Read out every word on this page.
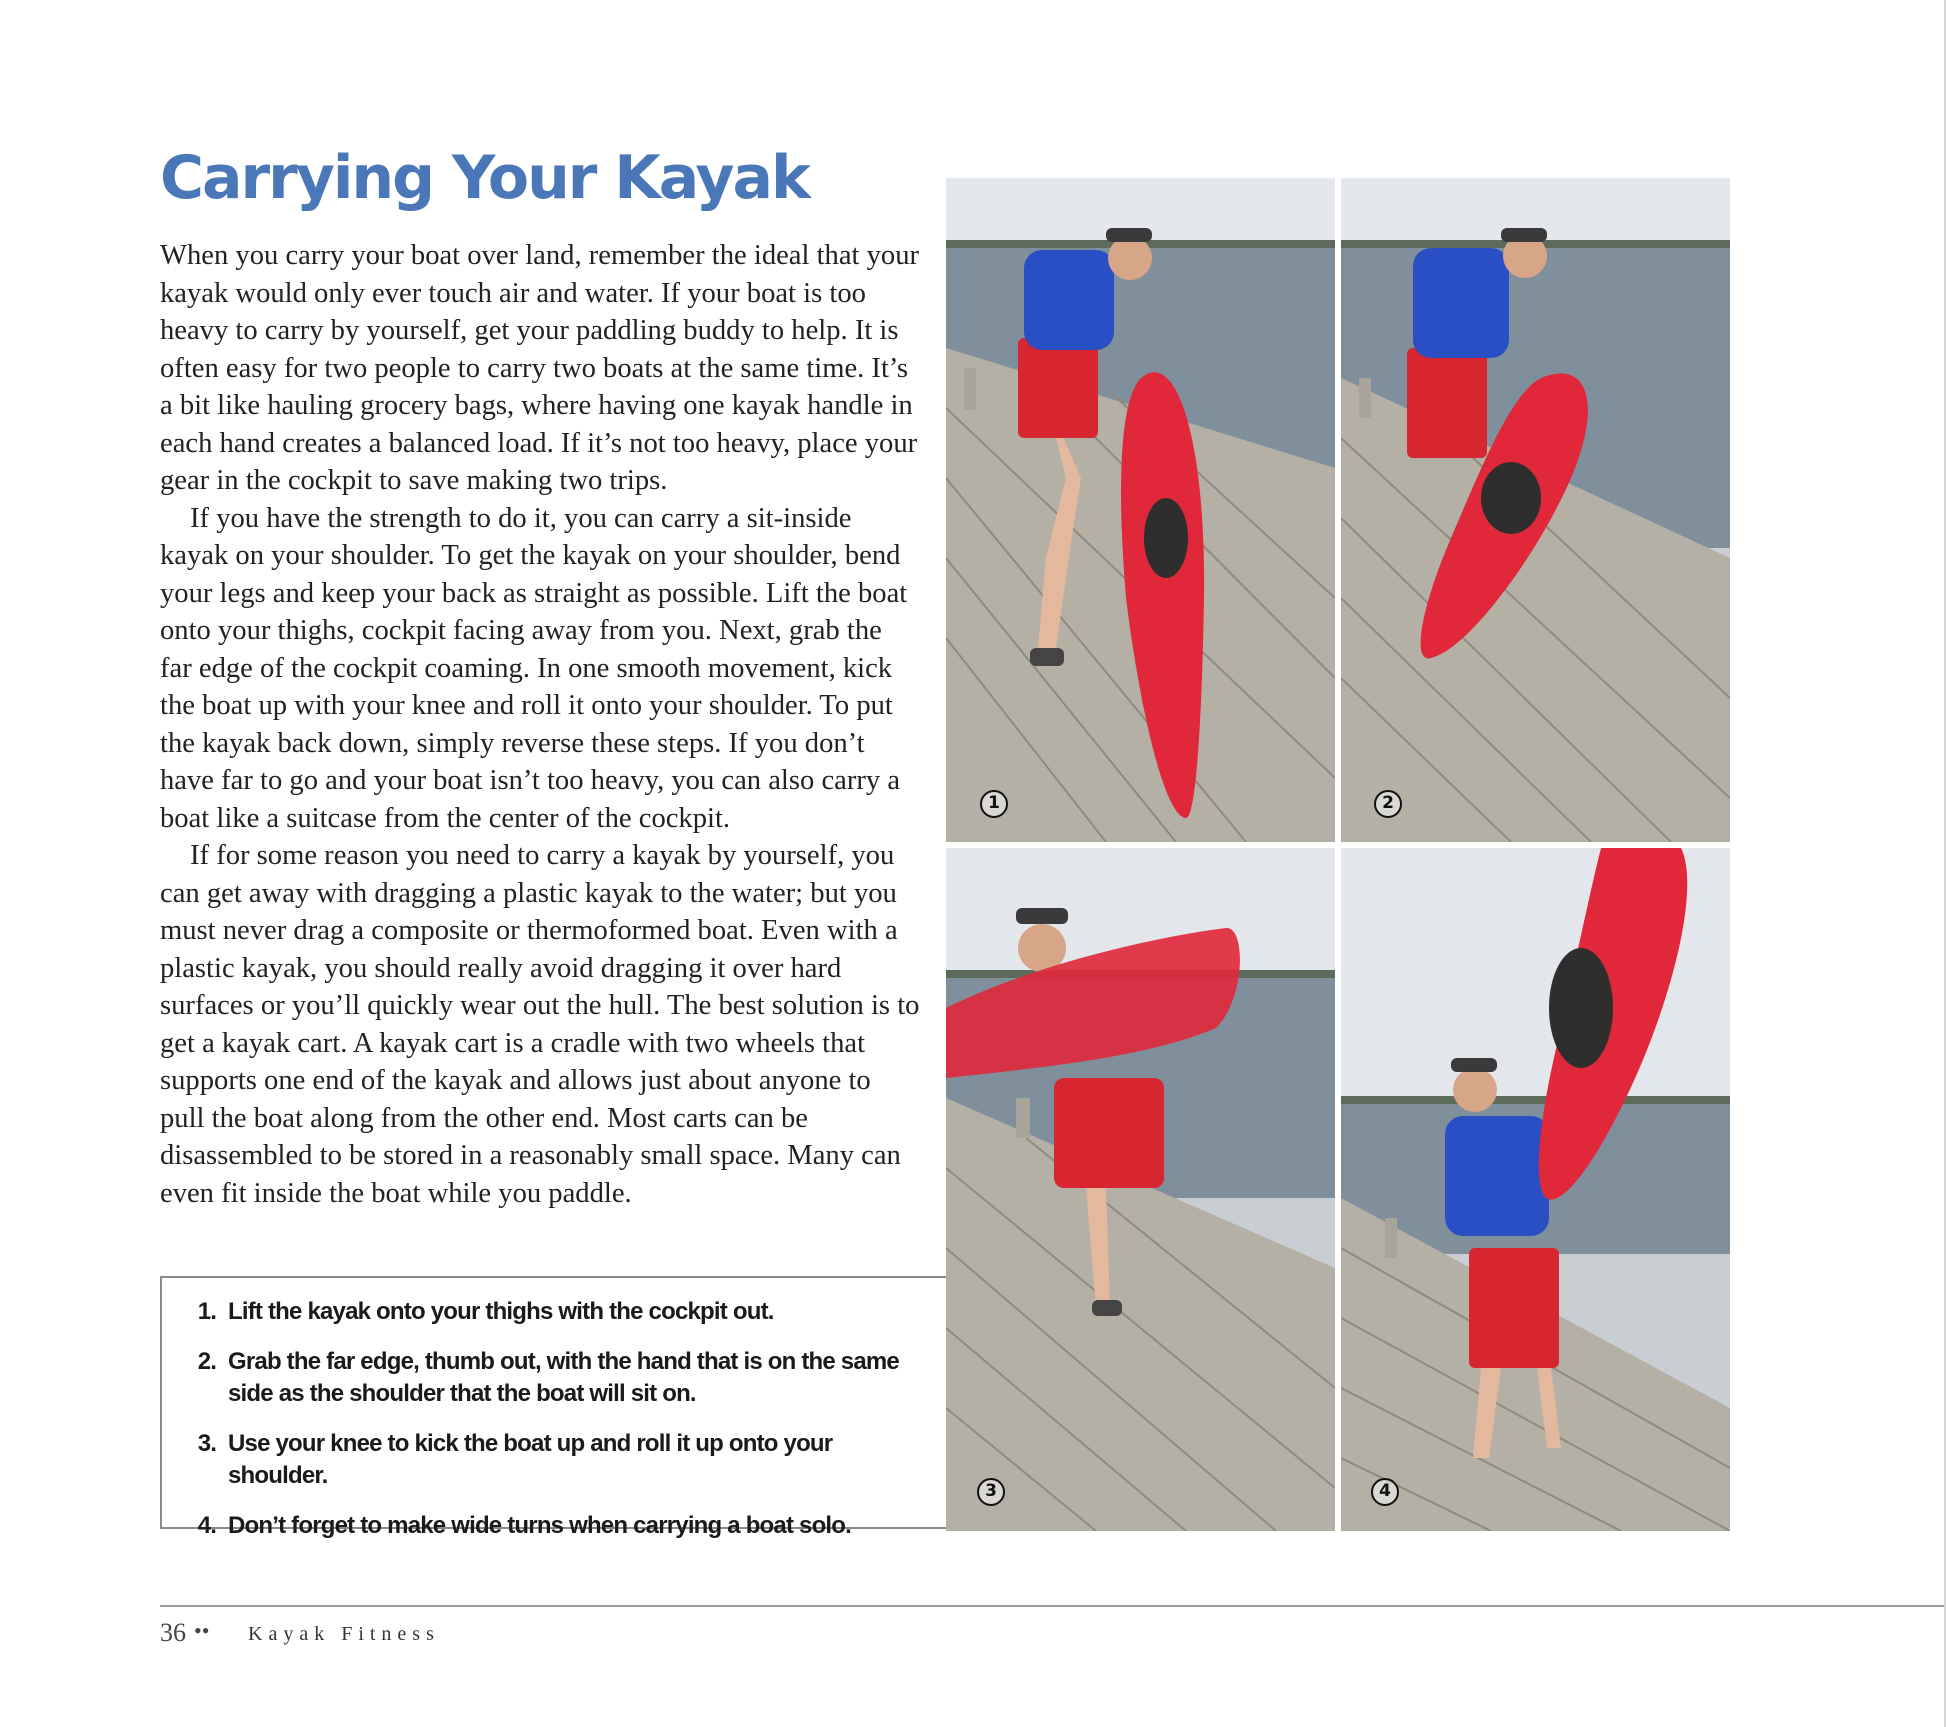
Carrying Your Kayak

When you carry your boat over land, remember the ideal that your kayak would only ever touch air and water. If your boat is too heavy to carry by yourself, get your paddling buddy to help. It is often easy for two people to carry two boats at the same time. It’s a bit like hauling grocery bags, where having one kayak handle in each hand creates a balanced load. If it’s not too heavy, place your gear in the cockpit to save making two trips.

If you have the strength to do it, you can carry a sit-inside kayak on your shoulder. To get the kayak on your shoulder, bend your legs and keep your back as straight as possible. Lift the boat onto your thighs, cockpit facing away from you. Next, grab the far edge of the cockpit coaming. In one smooth movement, kick the boat up with your knee and roll it onto your shoulder. To put the kayak back down, simply reverse these steps. If you don’t have far to go and your boat isn’t too heavy, you can also carry a boat like a suitcase from the center of the cockpit.

If for some reason you need to carry a kayak by yourself, you can get away with dragging a plastic kayak to the water; but you must never drag a composite or thermoformed boat. Even with a plastic kayak, you should really avoid dragging it over hard surfaces or you’ll quickly wear out the hull. The best solution is to get a kayak cart. A kayak cart is a cradle with two wheels that supports one end of the kayak and allows just about anyone to pull the boat along from the other end. Most carts can be disassembled to be stored in a reasonably small space. Many can even fit inside the boat while you paddle.

1. Lift the kayak onto your thighs with the cockpit out.
2. Grab the far edge, thumb out, with the hand that is on the same side as the shoulder that the boat will sit on.
3. Use your knee to kick the boat up and roll it up onto your shoulder.
4. Don’t forget to make wide turns when carrying a boat solo.
1	2
3	4
36 •• Kayak Fitness
